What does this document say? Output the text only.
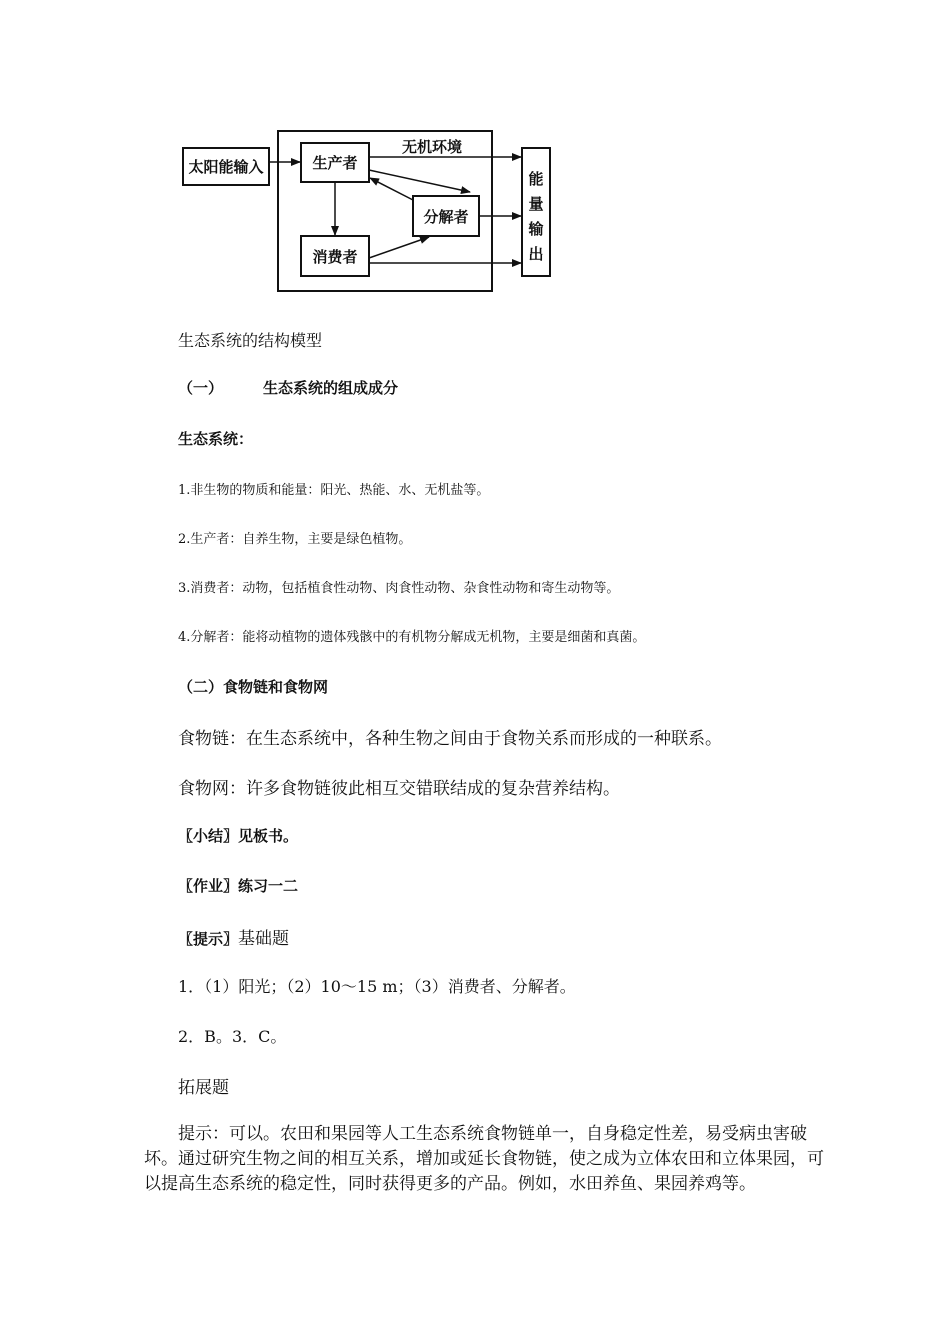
太阳能输入	生产者
分解者
消费者
无机环境
能
量
输
出

生态系统的结构模型

（一）	生态系统的组成成分

生态系统：

1.非生物的物质和能量：阳光、热能、水、无机盐等。

2.生产者：自养生物，主要是绿色植物。

3.消费者：动物，包括植食性动物、肉食性动物、杂食性动物和寄生动物等。

4.分解者：能将动植物的遗体残骸中的有机物分解成无机物，主要是细菌和真菌。

（二）食物链和食物网

食物链：在生态系统中，各种生物之间由于食物关系而形成的一种联系。

食物网：许多食物链彼此相互交错联结成的复杂营养结构。

〖小结〗见板书。

〖作业〗练习一二

〖提示〗基础题

1．（1）阳光；（2）10～15 m；（3）消费者、分解者。

2．B。3．C。

拓展题

提示：可以。农田和果园等人工生态系统食物链单一，自身稳定性差，易受病虫害破坏。通过研究生物之间的相互关系，增加或延长食物链，使之成为立体农田和立体果园，可以提高生态系统的稳定性，同时获得更多的产品。例如，水田养鱼、果园养鸡等。
